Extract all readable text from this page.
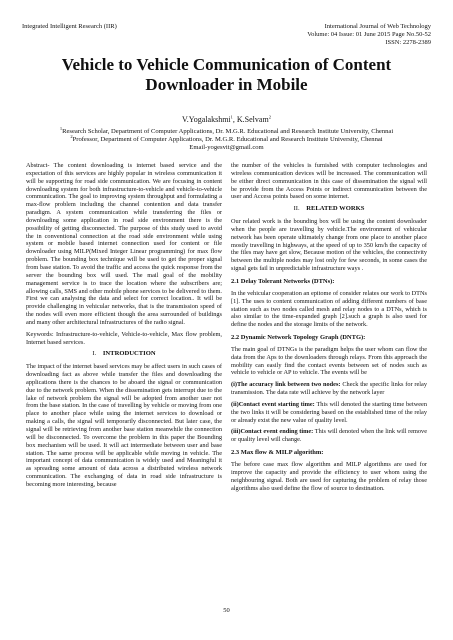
Integrated Intelligent Research (IIR)	International Journal of Web Technology
Volume: 04 Issue: 01 June 2015 Page No.50-52
ISSN: 2278-2389
Vehicle to Vehicle Communication of Content
Downloader in Mobile
V.Yogalakshmi$^1$, K.Selvam$^2$
$^1$Research Scholar, Department of Computer Applications, Dr. M.G.R. Educational and Research Institute University, Chennai
$^2$Professor, Department of Computer Applications, Dr. M.G.R. Educational and Research Institute University, Chennai
Email-yogesvit@gmail.com

Abstract- The content downloading is internet based service and the expectation of this services are highly popular in wireless communication it will be supporting for road side communication. We are focusing in content downloading system for both infrastructure-to-vehicle and vehicle-to-vehicle communication. The goal to improving system throughput and formulating a max-flow problem including the channel contention and data transfer paradigm. A system communication while transferring the files or downloading some application in road side environment there is the possibility of getting disconnected. The purpose of this study used to avoid the in conventional connection at the road side environment while using system or mobile based internet connection used for content or file downloader using MILP(Mixed Integer Linear programming) for max flow problem. The bounding box technique will be used to get the proper signal from base station. To avoid the traffic and access the quick response from the server the bounding box will used. The mail goal of the mobility management service is to trace the location where the subscribers are; allowing calls, SMS and other mobile phone services to be delivered to them. First we can analysing the data and select for correct location.. It will be provide challenging in vehicular networks, that is the transmission speed of the nodes will even more efficient though the area surrounded of buildings and many other architectural infrastructures of the radio signal.

Keywords: Infrastructure-to-vehicle, Vehicle-to-vehicle, Max flow problem, Internet based services.

I. INTRODUCTION

The impact of the internet based services may be affect users in such cases of downloading fact as above while transfer the files and downloading the applications there is the chances to be aboard the signal or communication due to the network problem. When the dissemination gets interrupt due to the lake of network problem the signal will be adopted from another user not from the base station. In the case of travelling by vehicle or moving from one place to another place while using the internet services to download or making a calls, the signal will temporarily disconnected. But later case, the signal will be retrieving from another base station meanwhile the connection will be disconnected. To overcome the problem in this paper the Bounding box mechanism will be used. It will act intermediate between user and base station. The same process will be applicable while moving in vehicle. The important concept of data communication is widely used and Meaningful it as spreading some amount of data across a distributed wireless network communication. The exchanging of data in road side infrastructure is becoming more interesting, because

the number of the vehicles is furnished with computer technologies and wireless communication devices will be increased. The communication will be either direct communication in this case of dissemination the signal will be provide from the Access Points or indirect communication between the user and Access points based on some internet.

II. RELATED WORKS

Our related work is the bounding box will be using the content downloader when the people are travelling by vehicle.The environment of vehicular network has been operate ultimately change from one place to another place mostly travelling in highways, at the speed of up to 350 km/h the capacity of the files may have get slow, Because motion of the vehicles, the connectivity between the multiple nodes may lost only for few seconds, in some cases the signal gets fail in unpredictable infrastructure ways .

2.1 Delay Tolerant Networks (DTNs):

In the vehicular cooperation an epitome of consider relates our work to DTNs [1]. The uses to content communication of adding different numbers of base station such as two nodes called mesh and relay nodes to a DTNs, which is also similar to the time-expanded graph [2].such a graph is also used for define the nodes and the storage limits of the network.

2.2 Dynamic Network Topology Graph (DNTG):

The main goal of DTNGs is the paradigm helps the user whom can flow the data from the Aps to the downloaders through relays. From this approach the mobility can easily find the contact events between set of nodes such as vehicle to vehicle or AP to vehicle. The events will be

(i)The accuracy link between two nodes: Check the specific links for relay transmission. The data rate will achieve by the network layer

(ii)Contact event starting time: This will denoted the starting time between the two links it will be considering based on the established time of the relay or already exist the new value of quality level.

(iii)Contact event ending time: This will denoted when the link will remove or quality level will change.

2.3 Max flow & MILP algorithm:

The before case max flow algorithm and MILP algorithms are used for improve the capacity and provide the efficiency to user whom using the neighbouring signal. Both are used for capturing the problem of relay those algorithms also used define the flow of source to destination.

50
